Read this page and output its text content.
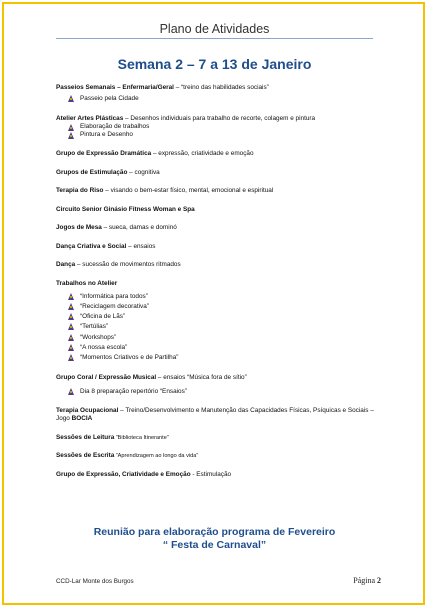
Plano de Atividades
Semana 2 – 7 a 13 de Janeiro
Passeios Semanais – Enfermaria/Geral – “treino das habilidades sociais”
Passeio pela Cidade
Atelier Artes Plásticas – Desenhos individuais para trabalho de recorte, colagem e pintura
Elaboração de trabalhos
Pintura e Desenho
Grupo de Expressão Dramática – expressão, criatividade e emoção
Grupos de Estimulação – cognitiva
Terapia do Riso – visando o bem-estar físico, mental, emocional e espiritual
Circuito Senior Ginásio Fitness Woman e Spa
Jogos de Mesa – sueca, damas e dominó
Dança Criativa e Social – ensaios
Dança – sucessão de movimentos ritmados
Trabalhos no Atelier
“Informática para todos”
“Reciclagem decorativa”
“Oficina de Lãs”
“Tertúlias”
“Workshops”
“A nossa escola”
“Momentos Criativos e de Partilha”
Grupo Coral / Expressão Musical – ensaios “Música fora de sítio”
Dia 8 preparação repertório “Ensaios”
Terapia Ocupacional – Treino/Desenvolvimento e Manutenção das Capacidades Físicas, Psíquicas e Sociais – Jogo BOCIA
Sessões de Leitura “Biblioteca Itinerante”
Sessões de Escrita “Aprendizagem ao longo da vida”
Grupo de Expressão, Criatividade e Emoção - Estimulação
Reunião para elaboração programa de Fevereiro
“ Festa de Carnaval”
CCD-Lar Monte dos Burgos	Página 2
